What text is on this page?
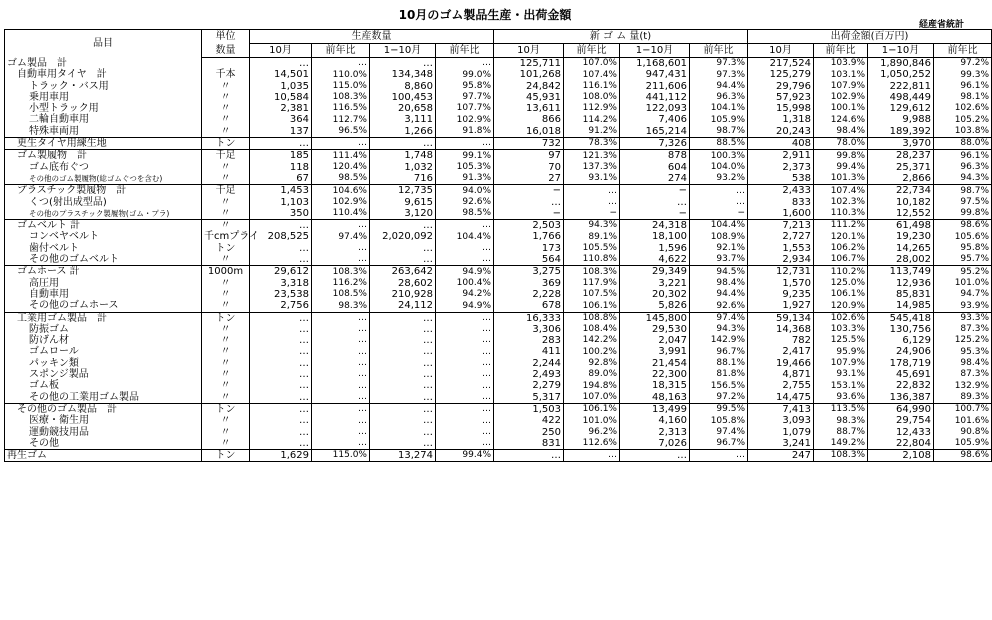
10月のゴム製品生産・出荷金額
経産省統計
品目	単位	生産数量				新 ゴ ム 量(t)				出荷金額(百万円)			
	数量	10月	前年比	1−10月	前年比	10月	前年比	1−10月	前年比	10月	前年比	1−10月	前年比
ゴム製品　計		…	…	…	…	125,711	107.0%	1,168,601	97.3%	217,524	103.9%	1,890,846	97.2%
自動車用タイヤ　計	千本	14,501	110.0%	134,348	99.0%	101,268	107.4%	947,431	97.3%	125,279	103.1%	1,050,252	99.3%
トラック・バス用	〃	1,035	115.0%	8,860	95.8%	24,842	116.1%	211,606	94.4%	29,796	107.9%	222,811	96.1%
乗用車用	〃	10,584	108.3%	100,453	97.7%	45,931	108.0%	441,112	96.3%	57,923	102.9%	498,449	98.1%
小型トラック用	〃	2,381	116.5%	20,658	107.7%	13,611	112.9%	122,093	104.1%	15,998	100.1%	129,612	102.6%
二輪自動車用	〃	364	112.7%	3,111	102.9%	866	114.2%	7,406	105.9%	1,318	124.6%	9,988	105.2%
特殊車両用	〃	137	96.5%	1,266	91.8%	16,018	91.2%	165,214	98.7%	20,243	98.4%	189,392	103.8%
更生タイヤ用練生地	トン	…	…	…	…	732	78.3%	7,326	88.5%	408	78.0%	3,970	88.0%
ゴム製履物　計	千足	185	111.4%	1,748	99.1%	97	121.3%	878	100.3%	2,911	99.8%	28,237	96.1%
ゴム底布ぐつ	〃	118	120.4%	1,032	105.3%	70	137.3%	604	104.0%	2,373	99.4%	25,371	96.3%
その他のゴム製履物(総ゴムぐつを含む)	〃	67	98.5%	716	91.3%	27	93.1%	274	93.2%	538	101.3%	2,866	94.3%
プラスチック製履物　計	千足	1,453	104.6%	12,735	94.0%	−	…	−	…	2,433	107.4%	22,734	98.7%
くつ(射出成型品)	〃	1,103	102.9%	9,615	92.6%	…	…	…	…	833	102.3%	10,182	97.5%
その他のプラスチック製履物(ゴム・プラ)	〃	350	110.4%	3,120	98.5%	−	−	−	−	1,600	110.3%	12,552	99.8%
ゴムベルト 計	〃	…	…	…	…	2,503	94.3%	24,318	104.4%	7,213	111.2%	61,498	98.6%
コンベヤベルト	千cmプライ	208,525	97.4%	2,020,092	104.4%	1,766	89.1%	18,100	108.9%	2,727	120.1%	19,230	105.6%
歯付ベルト	トン	…	…	…	…	173	105.5%	1,596	92.1%	1,553	106.2%	14,265	95.8%
その他のゴムベルト	〃	…	…	…	…	564	110.8%	4,622	93.7%	2,934	106.7%	28,002	95.7%
ゴムホース 計	1000m	29,612	108.3%	263,642	94.9%	3,275	108.3%	29,349	94.5%	12,731	110.2%	113,749	95.2%
高圧用	〃	3,318	116.2%	28,602	100.4%	369	117.9%	3,221	98.4%	1,570	125.0%	12,936	101.0%
自動車用	〃	23,538	108.5%	210,928	94.2%	2,228	107.5%	20,302	94.4%	9,235	106.1%	85,831	94.7%
その他のゴムホース	〃	2,756	98.3%	24,112	94.9%	678	106.1%	5,826	92.6%	1,927	120.9%	14,985	93.9%
工業用ゴム製品　計	トン	…	…	…	…	16,333	108.8%	145,800	97.4%	59,134	102.6%	545,418	93.3%
防振ゴム	〃	…	…	…	…	3,306	108.4%	29,530	94.3%	14,368	103.3%	130,756	87.3%
防げん材	〃	…	…	…	…	283	142.2%	2,047	142.9%	782	125.5%	6,129	125.2%
ゴムロール	〃	…	…	…	…	411	100.2%	3,991	96.7%	2,417	95.9%	24,906	95.3%
パッキン類	〃	…	…	…	…	2,244	92.8%	21,454	88.1%	19,466	107.9%	178,719	98.4%
スポンジ製品	〃	…	…	…	…	2,493	89.0%	22,300	81.8%	4,871	93.1%	45,691	87.3%
ゴム板	〃	…	…	…	…	2,279	194.8%	18,315	156.5%	2,755	153.1%	22,832	132.9%
その他の工業用ゴム製品	〃	…	…	…	…	5,317	107.0%	48,163	97.2%	14,475	93.6%	136,387	89.3%
その他のゴム製品　計	トン	…	…	…	…	1,503	106.1%	13,499	99.5%	7,413	113.5%	64,990	100.7%
医療・衛生用	〃	…	…	…	…	422	101.0%	4,160	105.8%	3,093	98.3%	29,754	101.6%
運動競技用品	〃	…	…	…	…	250	96.2%	2,313	97.4%	1,079	88.7%	12,433	90.8%
その他	〃	…	…	…	…	831	112.6%	7,026	96.7%	3,241	149.2%	22,804	105.9%
再生ゴム	トン	1,629	115.0%	13,274	99.4%	…	…	…	…	247	108.3%	2,108	98.6%
